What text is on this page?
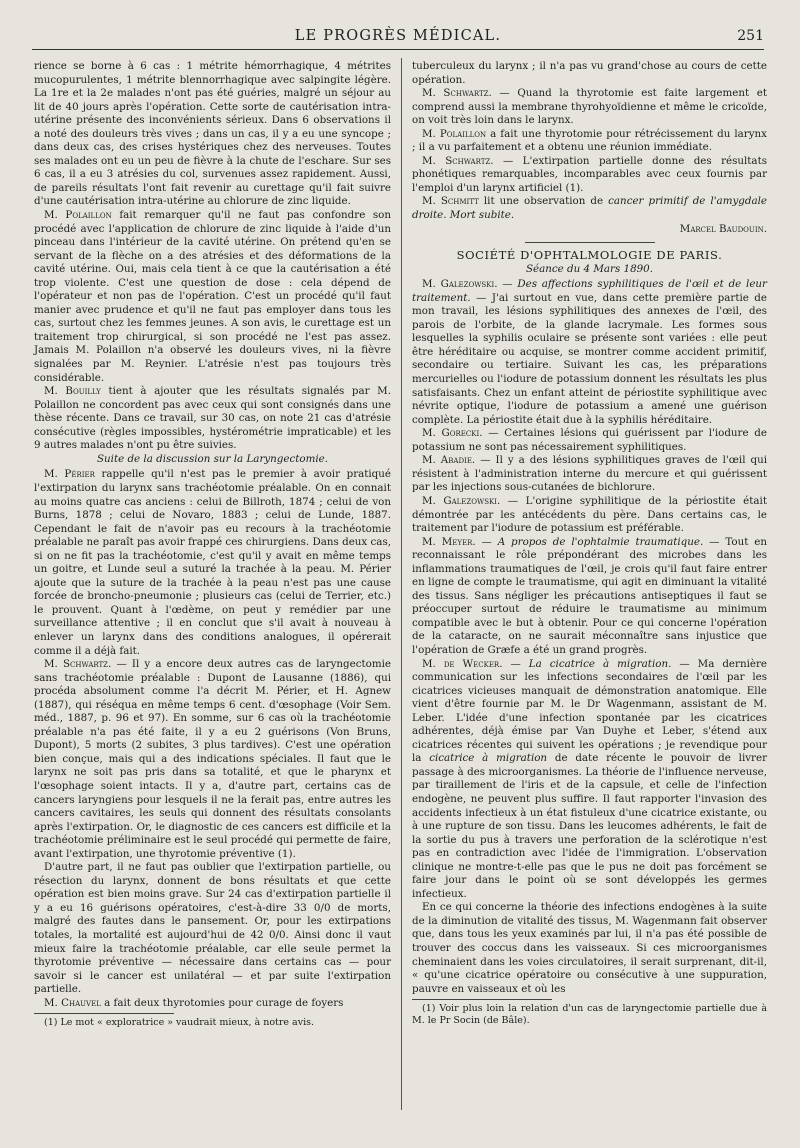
LE PROGRÈS MÉDICAL.	251

rience se borne à 6 cas : 1 métrite hémorrhagique, 4 métrites mucopurulentes, 1 métrite blennorrhagique avec salpingite légère. La 1re et la 2e malades n'ont pas été guéries, malgré un séjour au lit de 40 jours après l'opération. Cette sorte de cautérisation intra-utérine présente des inconvénients sérieux. Dans 6 observations il a noté des douleurs très vives ; dans un cas, il y a eu une syncope ; dans deux cas, des crises hystériques chez des nerveuses. Toutes ses malades ont eu un peu de fièvre à la chute de l'eschare. Sur ses 6 cas, il a eu 3 atrésies du col, survenues assez rapidement. Aussi, de pareils résultats l'ont fait revenir au curettage qu'il fait suivre d'une cautérisation intra-utérine au chlorure de zinc liquide.

M. Polaillon fait remarquer qu'il ne faut pas confondre son procédé avec l'application de chlorure de zinc liquide à l'aide d'un pinceau dans l'intérieur de la cavité utérine. On prétend qu'en se servant de la flèche on a des atrésies et des déformations de la cavité utérine. Oui, mais cela tient à ce que la cautérisation a été trop violente. C'est une question de dose : cela dépend de l'opérateur et non pas de l'opération. C'est un procédé qu'il faut manier avec prudence et qu'il ne faut pas employer dans tous les cas, surtout chez les femmes jeunes. A son avis, le curettage est un traitement trop chirurgical, si son procédé ne l'est pas assez. Jamais M. Polaillon n'a observé les douleurs vives, ni la fièvre signalées par M. Reynier. L'atrésie n'est pas toujours très considérable.

M. Bouilly tient à ajouter que les résultats signalés par M. Polaillon ne concordent pas avec ceux qui sont consignés dans une thèse récente. Dans ce travail, sur 30 cas, on note 21 cas d'atrésie consécutive (règles impossibles, hystérométrie impraticable) et les 9 autres malades n'ont pu être suivies.

Suite de la discussion sur la Laryngectomie.

M. Périer rappelle qu'il n'est pas le premier à avoir pratiqué l'extirpation du larynx sans trachéotomie préalable. On en connait au moins quatre cas anciens : celui de Billroth, 1874 ; celui de von Burns, 1878 ; celui de Novaro, 1883 ; celui de Lunde, 1887. Cependant le fait de n'avoir pas eu recours à la trachéotomie préalable ne paraît pas avoir frappé ces chirurgiens. Dans deux cas, si on ne fit pas la trachéotomie, c'est qu'il y avait en même temps un goitre, et Lunde seul a suturé la trachée à la peau. M. Périer ajoute que la suture de la trachée à la peau n'est pas une cause forcée de broncho-pneumonie ; plusieurs cas (celui de Terrier, etc.) le prouvent. Quant à l'œdème, on peut y remédier par une surveillance attentive ; il en conclut que s'il avait à nouveau à enlever un larynx dans des conditions analogues, il opérerait comme il a déjà fait.

M. Schwartz. — Il y a encore deux autres cas de laryngectomie sans trachéotomie préalable : Dupont de Lausanne (1886), qui procéda absolument comme l'a décrit M. Périer, et H. Agnew (1887), qui réséqua en même temps 6 cent. d'œsophage (Voir Sem. méd., 1887, p. 96 et 97). En somme, sur 6 cas où la trachéotomie préalable n'a pas été faite, il y a eu 2 guérisons (Von Bruns, Dupont), 5 morts (2 subites, 3 plus tardives). C'est une opération bien conçue, mais qui a des indications spéciales. Il faut que le larynx ne soit pas pris dans sa totalité, et que le pharynx et l'œsophage soient intacts. Il y a, d'autre part, certains cas de cancers laryngiens pour lesquels il ne la ferait pas, entre autres les cancers cavitaires, les seuls qui donnent des résultats consolants après l'extirpation. Or, le diagnostic de ces cancers est difficile et la trachéotomie préliminaire est le seul procédé qui permette de faire, avant l'extirpation, une thyrotomie préventive (1).

D'autre part, il ne faut pas oublier que l'extirpation partielle, ou résection du larynx, donnent de bons résultats et que cette opération est bien moins grave. Sur 24 cas d'extirpation partielle il y a eu 16 guérisons opératoires, c'est-à-dire 33 0/0 de morts, malgré des fautes dans le pansement. Or, pour les extirpations totales, la mortalité est aujourd'hui de 42 0/0. Ainsi donc il vaut mieux faire la trachéotomie préalable, car elle seule permet la thyrotomie préventive — nécessaire dans certains cas — pour savoir si le cancer est unilatéral — et par suite l'extirpation partielle.

M. Chauvel a fait deux thyrotomies pour curage de foyers

(1) Le mot « exploratrice » vaudrait mieux, à notre avis.

tuberculeux du larynx ; il n'a pas vu grand'chose au cours de cette opération.

M. Schwartz. — Quand la thyrotomie est faite largement et comprend aussi la membrane thyrohyoïdienne et même le cricoïde, on voit très loin dans le larynx.

M. Polaillon a fait une thyrotomie pour rétrécissement du larynx ; il a vu parfaitement et a obtenu une réunion immédiate.

M. Schwartz. — L'extirpation partielle donne des résultats phonétiques remarquables, incomparables avec ceux fournis par l'emploi d'un larynx artificiel (1).

M. Schmitt lit une observation de cancer primitif de l'amygdale droite. Mort subite.

Marcel Baudouin.

SOCIÉTÉ D'OPHTALMOLOGIE DE PARIS.

Séance du 4 Mars 1890.

M. Galezowski. — Des affections syphilitiques de l'œil et de leur traitement. — J'ai surtout en vue, dans cette première partie de mon travail, les lésions syphilitiques des annexes de l'œil, des parois de l'orbite, de la glande lacrymale. Les formes sous lesquelles la syphilis oculaire se présente sont variées : elle peut être héréditaire ou acquise, se montrer comme accident primitif, secondaire ou tertiaire. Suivant les cas, les préparations mercurielles ou l'iodure de potassium donnent les résultats les plus satisfaisants. Chez un enfant atteint de périostite syphilitique avec névrite optique, l'iodure de potassium a amené une guérison complète. La périostite était due à la syphilis héréditaire.

M. Gorecki. — Certaines lésions qui guérissent par l'iodure de potassium ne sont pas nécessairement syphilitiques.

M. Abadie. — Il y a des lésions syphilitiques graves de l'œil qui résistent à l'administration interne du mercure et qui guérissent par les injections sous-cutanées de bichlorure.

M. Galezowski. — L'origine syphilitique de la périostite était démontrée par les antécédents du père. Dans certains cas, le traitement par l'iodure de potassium est préférable.

M. Meyer. — A propos de l'ophtalmie traumatique. — Tout en reconnaissant le rôle prépondérant des microbes dans les inflammations traumatiques de l'œil, je crois qu'il faut faire entrer en ligne de compte le traumatisme, qui agit en diminuant la vitalité des tissus. Sans négliger les précautions antiseptiques il faut se préoccuper surtout de réduire le traumatisme au minimum compatible avec le but à obtenir. Pour ce qui concerne l'opération de la cataracte, on ne saurait méconnaître sans injustice que l'opération de Græfe a été un grand progrès.

M. de Wecker. — La cicatrice à migration. — Ma dernière communication sur les infections secondaires de l'œil par les cicatrices vicieuses manquait de démonstration anatomique. Elle vient d'être fournie par M. le Dr Wagenmann, assistant de M. Leber. L'idée d'une infection spontanée par les cicatrices adhérentes, déjà émise par Van Duyhe et Leber, s'étend aux cicatrices récentes qui suivent les opérations ; je revendique pour la cicatrice à migration de date récente le pouvoir de livrer passage à des microorganismes. La théorie de l'influence nerveuse, par tiraillement de l'iris et de la capsule, et celle de l'infection endogène, ne peuvent plus suffire. Il faut rapporter l'invasion des accidents infectieux à un état fistuleux d'une cicatrice existante, ou à une rupture de son tissu. Dans les leucomes adhérents, le fait de la sortie du pus à travers une perforation de la sclérotique n'est pas en contradiction avec l'idée de l'immigration. L'observation clinique ne montre-t-elle pas que le pus ne doit pas forcément se faire jour dans le point où se sont développés les germes infectieux.

En ce qui concerne la théorie des infections endogènes à la suite de la diminution de vitalité des tissus, M. Wagenmann fait observer que, dans tous les yeux examinés par lui, il n'a pas été possible de trouver des coccus dans les vaisseaux. Si ces microorganismes cheminaient dans les voies circulatoires, il serait surprenant, dit-il, « qu'une cicatrice opératoire ou consécutive à une suppuration, pauvre en vaisseaux et où les

(1) Voir plus loin la relation d'un cas de laryngectomie partielle due à M. le Pr Socin (de Bâle).
